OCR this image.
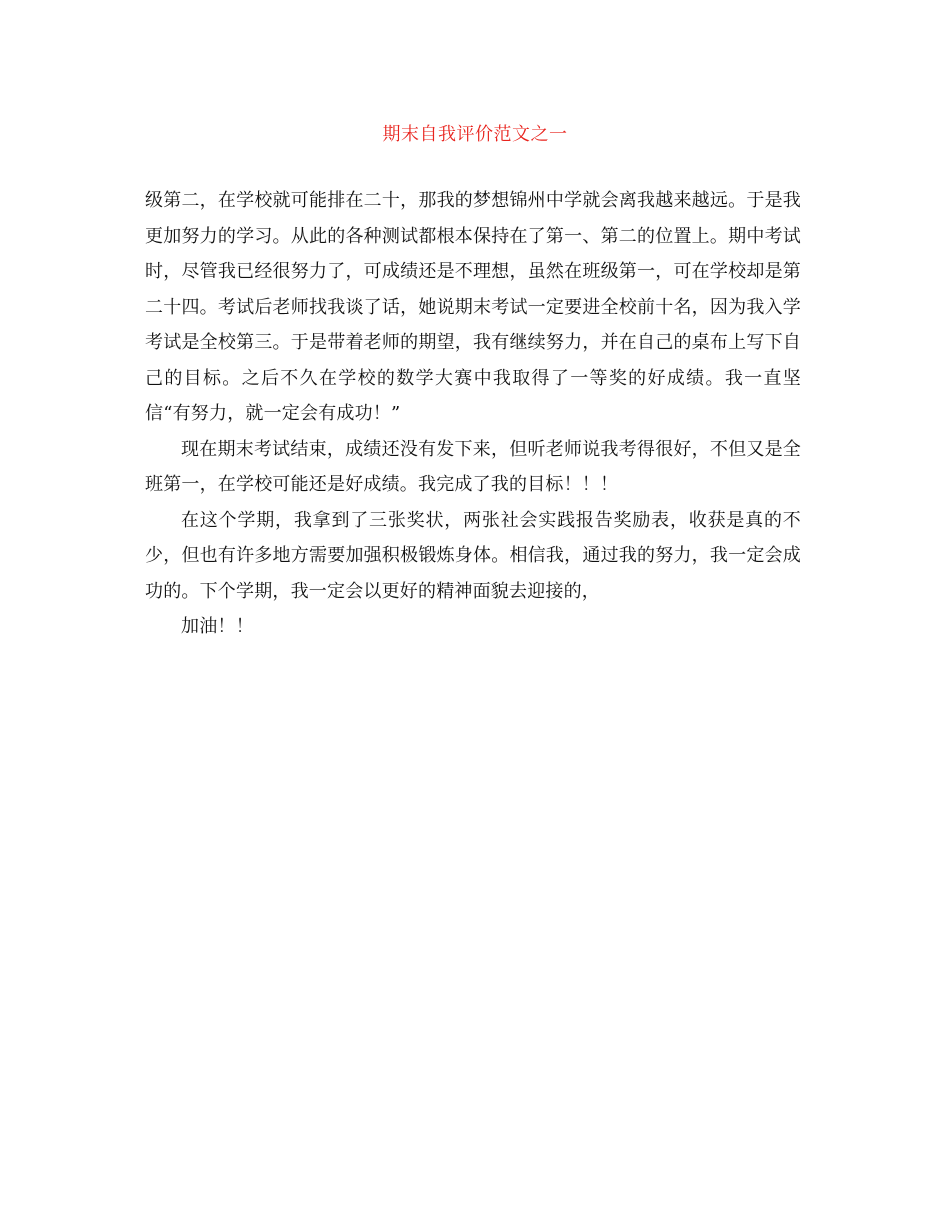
期末自我评价范文之一

级第二，在学校就可能排在二十，那我的梦想锦州中学就会离我越来越远。于是我更加努力的学习。从此的各种测试都根本保持在了第一、第二的位置上。期中考试时，尽管我已经很努力了，可成绩还是不理想，虽然在班级第一，可在学校却是第二十四。考试后老师找我谈了话，她说期末考试一定要进全校前十名，因为我入学考试是全校第三。于是带着老师的期望，我有继续努力，并在自己的桌布上写下自己的目标。之后不久在学校的数学大赛中我取得了一等奖的好成绩。我一直坚信“有努力，就一定会有成功！”

现在期末考试结束，成绩还没有发下来，但听老师说我考得很好，不但又是全班第一，在学校可能还是好成绩。我完成了我的目标！！！

在这个学期，我拿到了三张奖状，两张社会实践报告奖励表，收获是真的不少，但也有许多地方需要加强积极锻炼身体。相信我，通过我的努力，我一定会成功的。下个学期，我一定会以更好的精神面貌去迎接的，

加油！！
